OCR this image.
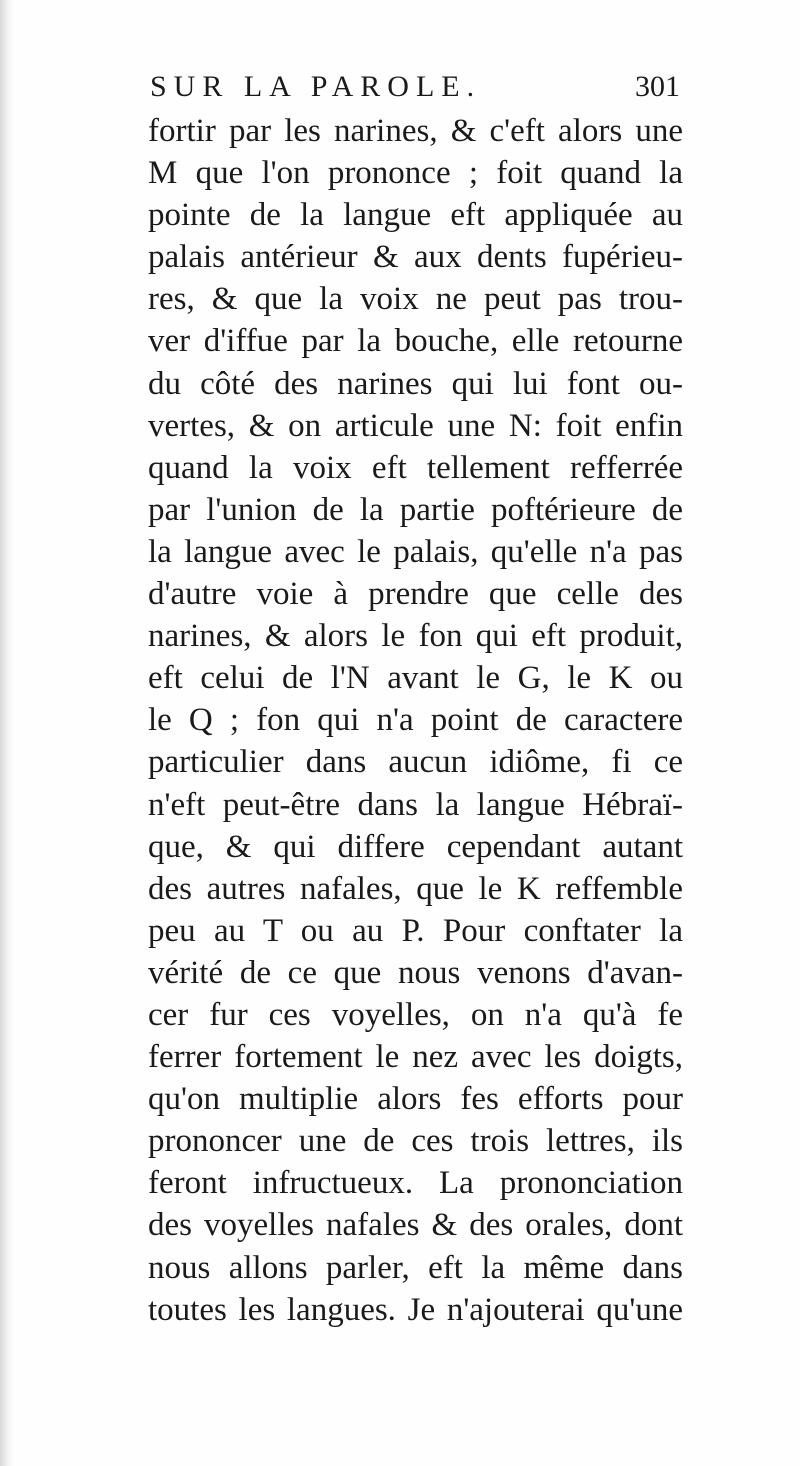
SUR LA PAROLE.	301
fortir par les narines, & c'eft alors une
M que l'on prononce ; foit quand la
pointe de la langue eft appliquée au
palais antérieur & aux dents fupérieu-
res, & que la voix ne peut pas trou-
ver d'iffue par la bouche, elle retourne
du côté des narines qui lui font ou-
vertes, & on articule une N: foit enfin
quand la voix eft tellement refferrée
par l'union de la partie poftérieure de
la langue avec le palais, qu'elle n'a pas
d'autre voie à prendre que celle des
narines, & alors le fon qui eft produit,
eft celui de l'N avant le G, le K ou
le Q ; fon qui n'a point de caractere
particulier dans aucun idiôme, fi ce
n'eft peut-être dans la langue Hébraï-
que, & qui differe cependant autant
des autres nafales, que le K reffemble
peu au T ou au P. Pour conftater la
vérité de ce que nous venons d'avan-
cer fur ces voyelles, on n'a qu'à fe
ferrer fortement le nez avec les doigts,
qu'on multiplie alors fes efforts pour
prononcer une de ces trois lettres, ils
feront infructueux. La prononciation
des voyelles nafales & des orales, dont
nous allons parler, eft la même dans
toutes les langues. Je n'ajouterai qu'une
